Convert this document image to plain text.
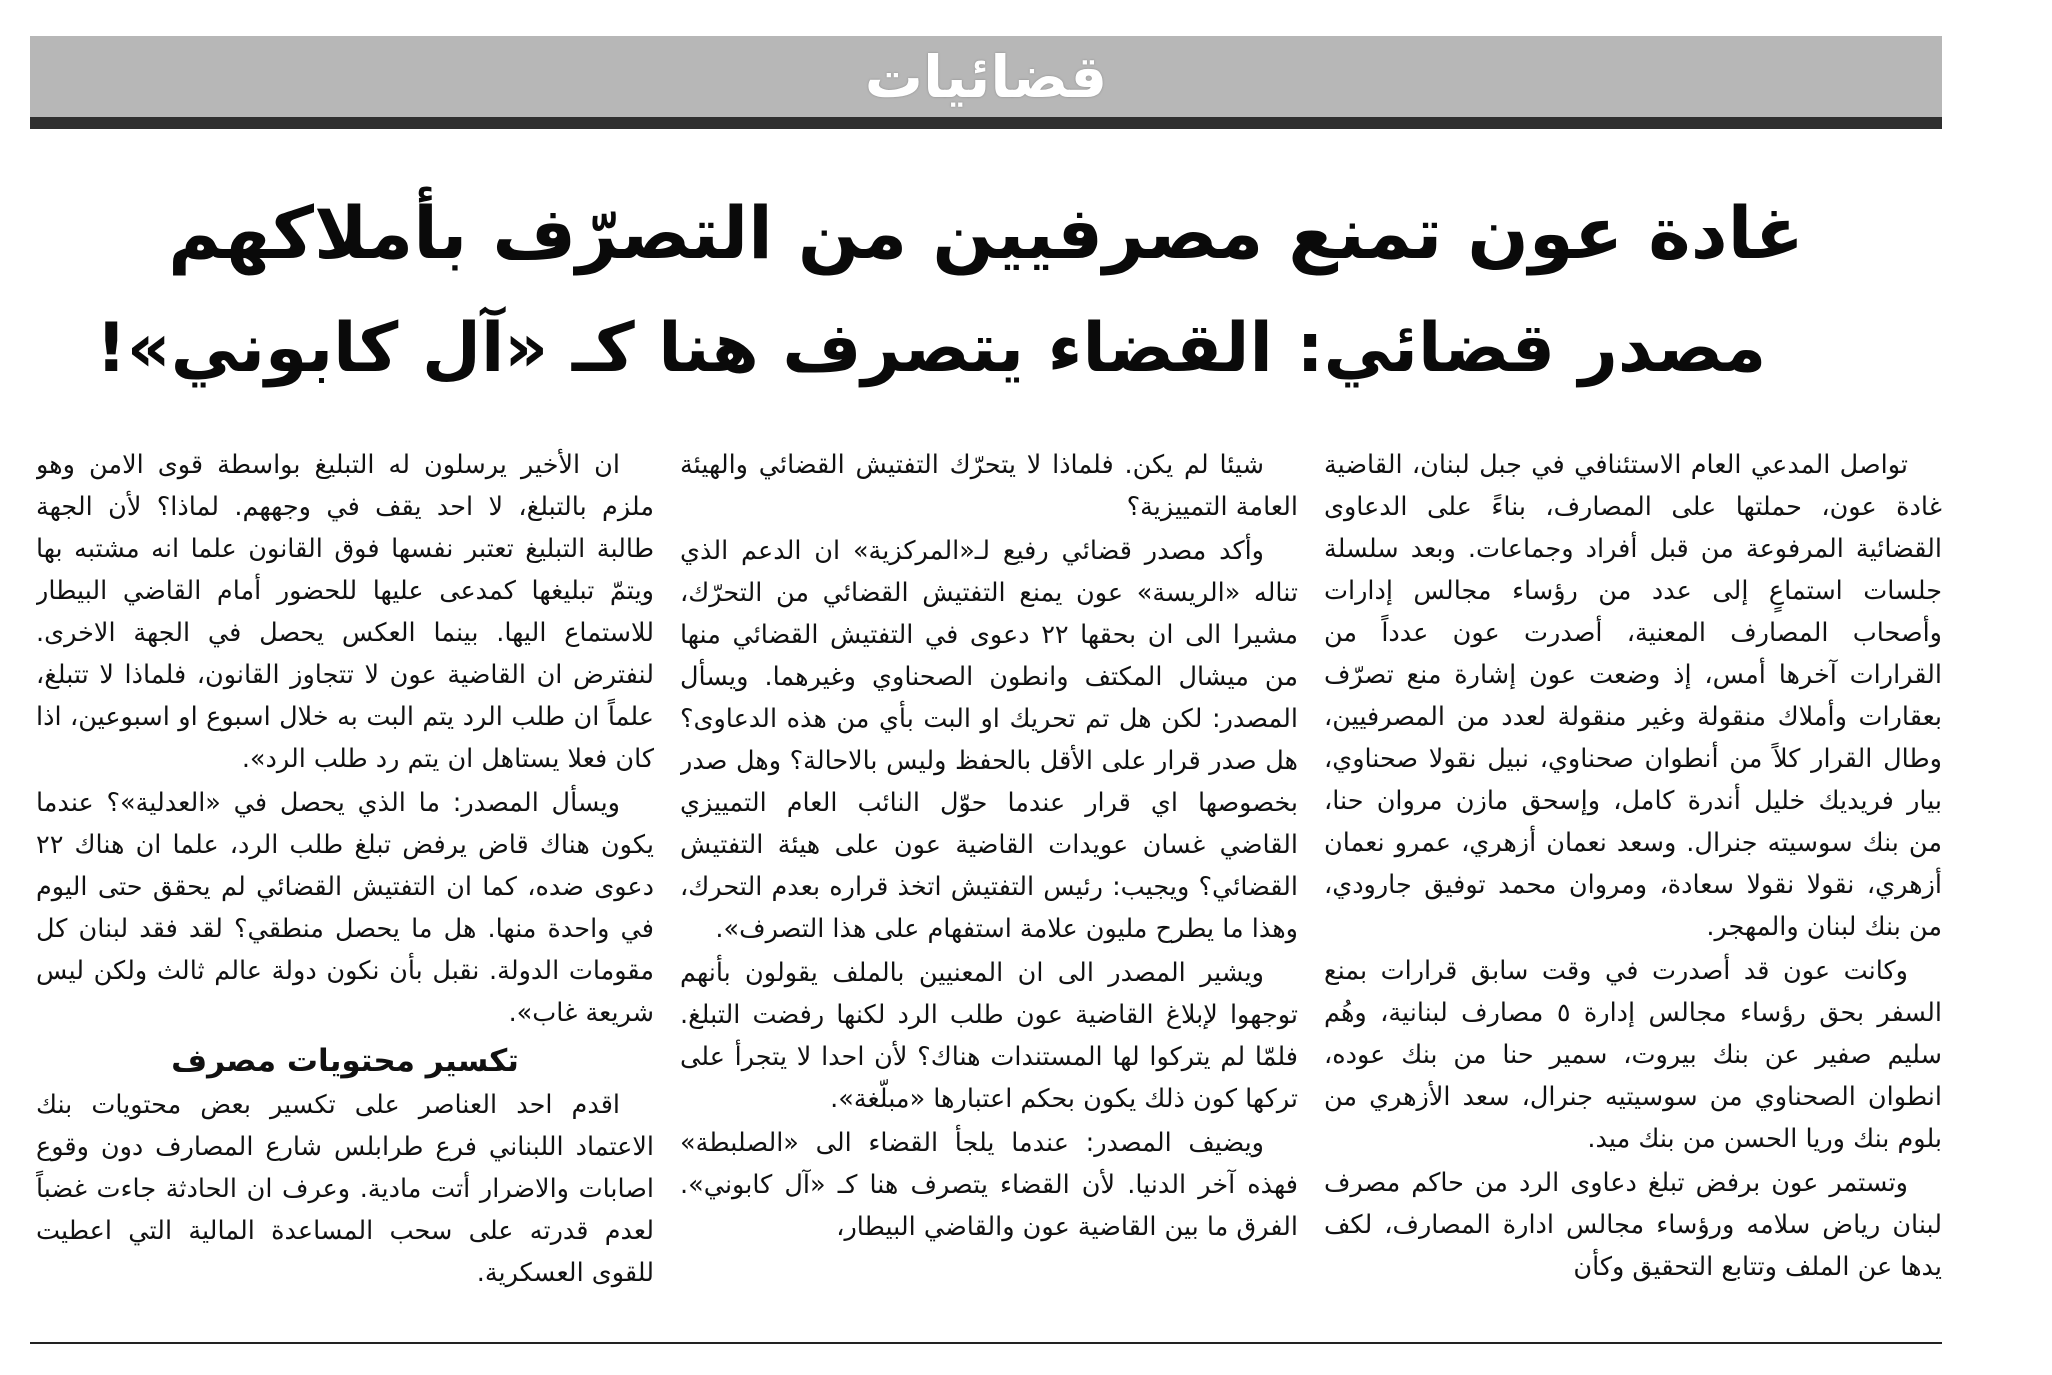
قضائيات
غادة عون تمنع مصرفيين من التصرّف بأملاكهم
مصدر قضائي: القضاء يتصرف هنا كـ «آل كابوني»!

تواصل المدعي العام الاستئنافي في جبل لبنان، القاضية غادة عون، حملتها على المصارف، بناءً على الدعاوى القضائية المرفوعة من قبل أفراد وجماعات. وبعد سلسلة جلسات استماعٍ إلى عدد من رؤساء مجالس إدارات وأصحاب المصارف المعنية، أصدرت عون عدداً من القرارات آخرها أمس، إذ وضعت عون إشارة منع تصرّف بعقارات وأملاك منقولة وغير منقولة لعدد من المصرفيين، وطال القرار كلاً من أنطوان صحناوي، نبيل نقولا صحناوي، بيار فريديك خليل أندرة كامل، وإسحق مازن مروان حنا، من بنك سوسيته جنرال. وسعد نعمان أزهري، عمرو نعمان أزهري، نقولا نقولا سعادة، ومروان محمد توفيق جارودي، من بنك لبنان والمهجر.

وكانت عون قد أصدرت في وقت سابق قرارات بمنع السفر بحق رؤساء مجالس إدارة ٥ مصارف لبنانية، وهُم سليم صفير عن بنك بيروت، سمير حنا من بنك عوده، انطوان الصحناوي من سوسيتيه جنرال، سعد الأزهري من بلوم بنك وريا الحسن من بنك ميد.

وتستمر عون برفض تبلغ دعاوى الرد من حاكم مصرف لبنان رياض سلامه ورؤساء مجالس ادارة المصارف، لكف يدها عن الملف وتتابع التحقيق وكأن

شيئا لم يكن. فلماذا لا يتحرّك التفتيش القضائي والهيئة العامة التمييزية؟

وأكد مصدر قضائي رفيع لـ«المركزية» ان الدعم الذي تناله «الريسة» عون يمنع التفتيش القضائي من التحرّك، مشيرا الى ان بحقها ٢٢ دعوى في التفتيش القضائي منها من ميشال المكتف وانطون الصحناوي وغيرهما. ويسأل المصدر: لكن هل تم تحريك او البت بأي من هذه الدعاوى؟ هل صدر قرار على الأقل بالحفظ وليس بالاحالة؟ وهل صدر بخصوصها اي قرار عندما حوّل النائب العام التمييزي القاضي غسان عويدات القاضية عون على هيئة التفتيش القضائي؟ ويجيب: رئيس التفتيش اتخذ قراره بعدم التحرك، وهذا ما يطرح مليون علامة استفهام على هذا التصرف».

ويشير المصدر الى ان المعنيين بالملف يقولون بأنهم توجهوا لإبلاغ القاضية عون طلب الرد لكنها رفضت التبلغ. فلمّا لم يتركوا لها المستندات هناك؟ لأن احدا لا يتجرأ على تركها كون ذلك يكون بحكم اعتبارها «مبلّغة».

ويضيف المصدر: عندما يلجأ القضاء الى «الصلبطة» فهذه آخر الدنيا. لأن القضاء يتصرف هنا كـ «آل كابوني». الفرق ما بين القاضية عون والقاضي البيطار،

ان الأخير يرسلون له التبليغ بواسطة قوى الامن وهو ملزم بالتبلغ، لا احد يقف في وجههم. لماذا؟ لأن الجهة طالبة التبليغ تعتبر نفسها فوق القانون علما انه مشتبه بها ويتمّ تبليغها كمدعى عليها للحضور أمام القاضي البيطار للاستماع اليها. بينما العكس يحصل في الجهة الاخرى. لنفترض ان القاضية عون لا تتجاوز القانون، فلماذا لا تتبلغ، علماً ان طلب الرد يتم البت به خلال اسبوع او اسبوعين، اذا كان فعلا يستاهل ان يتم رد طلب الرد».

ويسأل المصدر: ما الذي يحصل في «العدلية»؟ عندما يكون هناك قاض يرفض تبلغ طلب الرد، علما ان هناك ٢٢ دعوى ضده، كما ان التفتيش القضائي لم يحقق حتى اليوم في واحدة منها. هل ما يحصل منطقي؟ لقد فقد لبنان كل مقومات الدولة. نقبل بأن نكون دولة عالم ثالث ولكن ليس شريعة غاب».

تكسير محتويات مصرف

اقدم احد العناصر على تكسير بعض محتويات بنك الاعتماد اللبناني فرع طرابلس شارع المصارف دون وقوع اصابات والاضرار أتت مادية. وعرف ان الحادثة جاءت غضباً لعدم قدرته على سحب المساعدة المالية التي اعطيت للقوى العسكرية.
